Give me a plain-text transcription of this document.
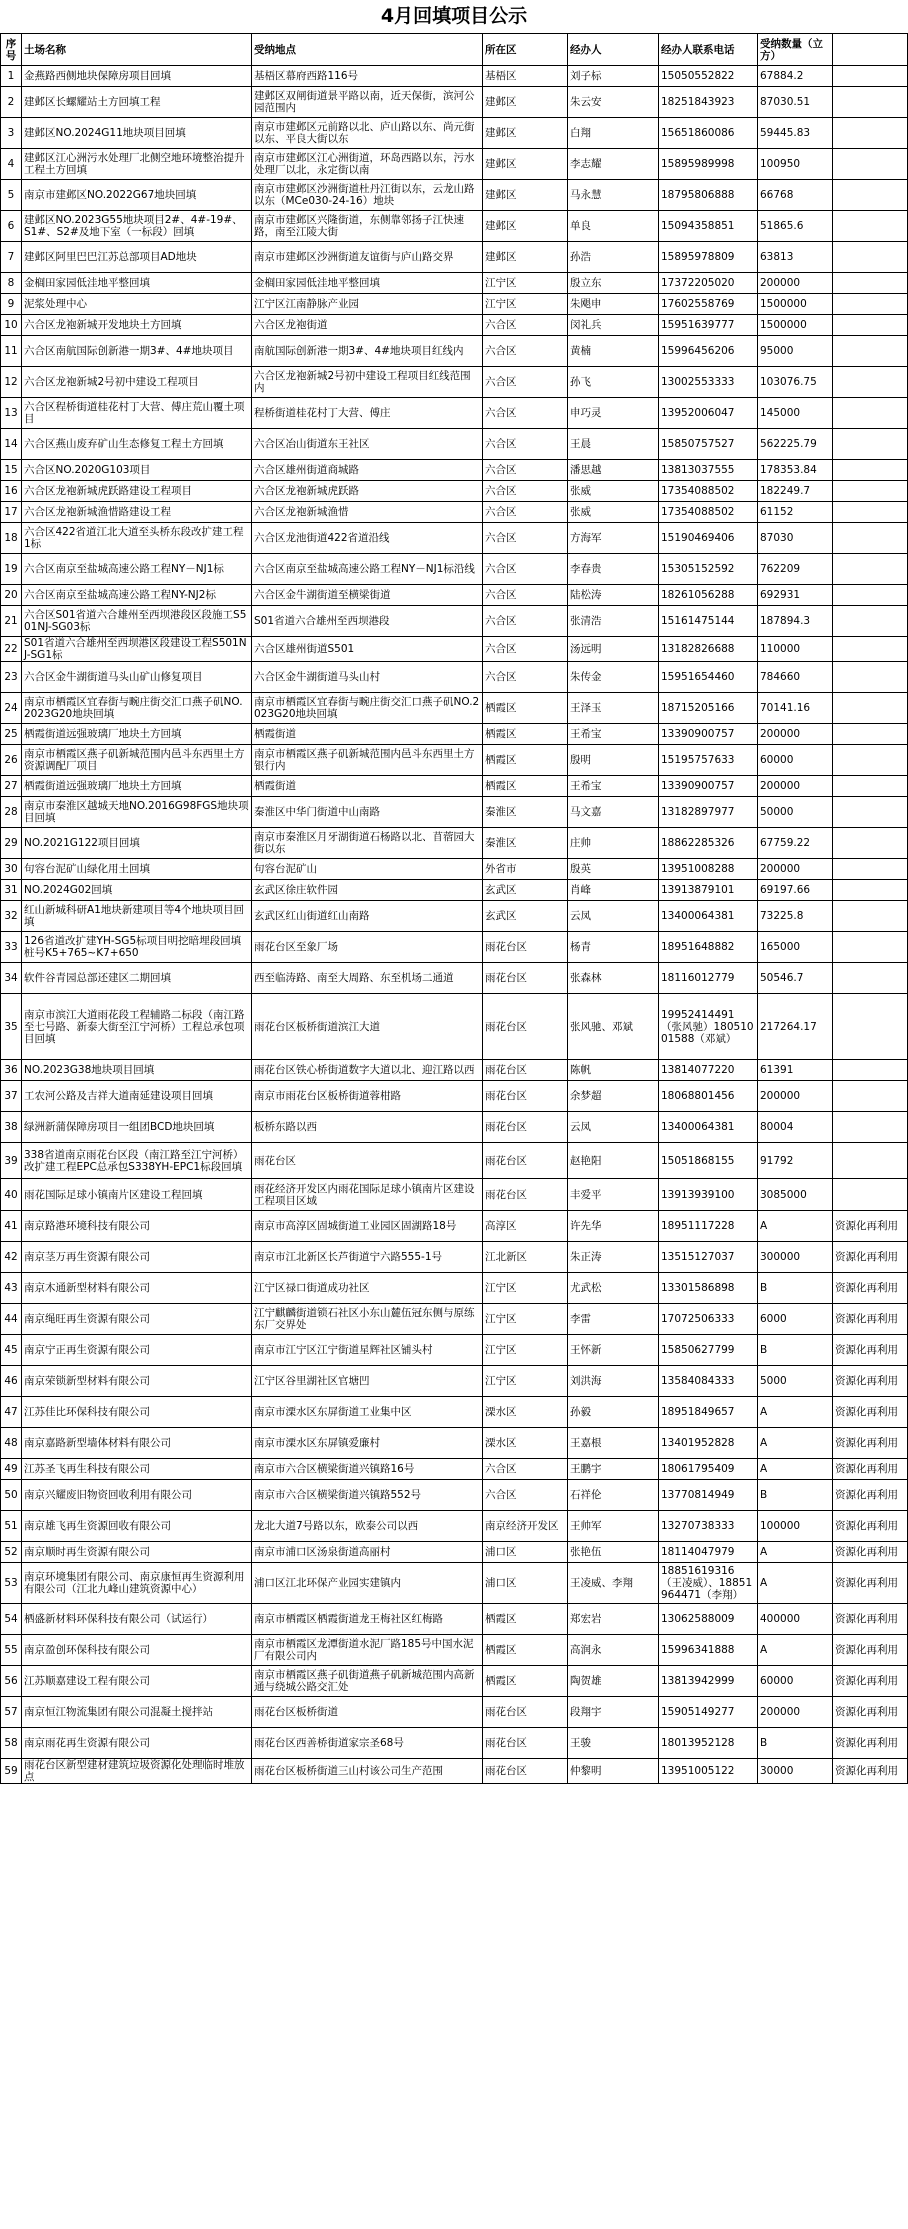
4月回填项目公示
序号	土场名称	受纳地点	所在区	经办人	经办人联系电话	受纳数量（立方）	
1	金燕路西侧地块保障房项目回填	基梧区幕府西路116号	基梧区	刘子标	15050552822	67884.2	
2	建邺区长螺耀站土方回填工程	建邺区双闸街道景平路以南，近天保街，滨河公园范围内	建邺区	朱云安	18251843923	87030.51	
3	建邺区NO.2024G11地块项目回填	南京市建邺区元前路以北、庐山路以东、尚元街以东、平良大街以东	建邺区	白翔	15651860086	59445.83	
4	建邺区江心洲污水处理厂北侧空地环境整治提升工程土方回填	南京市建邺区江心洲街道，环岛西路以东，污水处理厂以北，永定街以南	建邺区	李志耀	15895989998	100950	
5	南京市建邺区NO.2022G67地块回填	南京市建邺区沙洲街道杜丹江街以东，云龙山路以东（MCe030-24-16）地块	建邺区	马永慧	18795806888	66768	
6	建邺区NO.2023G55地块项目2#、4#-19#、S1#、S2#及地下室（一标段）回填	南京市建邺区兴隆街道，东侧靠邻扬子江快速路，南至江陵大街	建邺区	单良	15094358851	51865.6	
7	建邺区阿里巴巴江苏总部项目AD地块	南京市建邺区沙洲街道友谊街与庐山路交界	建邺区	孙浩	15895978809	63813	
8	金榈田家园低洼地平整回填	金榈田家园低洼地平整回填	江宁区	殷立东	17372205020	200000	
9	泥浆处理中心	江宁区江南静脉产业园	江宁区	朱飓申	17602558769	1500000	
10	六合区龙袍新城开发地块土方回填	六合区龙袍街道	六合区	闵礼兵	15951639777	1500000	
11	六合区南航国际创新港一期3#、4#地块项目	南航国际创新港一期3#、4#地块项目红线内	六合区	黄楠	15996456206	95000	
12	六合区龙袍新城2号初中建设工程项目	六合区龙袍新城2号初中建设工程项目红线范围内	六合区	孙飞	13002553333	103076.75	
13	六合区程桥街道桂花村丁大营、傅庄荒山覆土项目	程桥街道桂花村丁大营、傅庄	六合区	申巧灵	13952006047	145000	
14	六合区燕山废弃矿山生态修复工程土方回填	六合区冶山街道东王社区	六合区	王晨	15850757527	562225.79	
15	六合区NO.2020G103项目	六合区雄州街道商城路	六合区	潘思越	13813037555	178353.84	
16	六合区龙袍新城虎跃路建设工程项目	六合区龙袍新城虎跃路	六合区	张威	17354088502	182249.7	
17	六合区龙袍新城渔惜路建设工程	六合区龙袍新城渔惜	六合区	张威	17354088502	61152	
18	六合区422省道江北大道至头桥东段改扩建工程1标	六合区龙池街道422省道沿线	六合区	方海军	15190469406	87030	
19	六合区南京至盐城高速公路工程NY－NJ1标	六合区南京至盐城高速公路工程NY－NJ1标沿线	六合区	李春贵	15305152592	762209	
20	六合区南京至盐城高速公路工程NY-NJ2标	六合区金牛湖街道至横梁街道	六合区	陆松涛	18261056288	692931	
21	六合区S01省道六合雄州至西坝港段区段施工S501NJ-SG03标	S01省道六合雄州至西坝港段	六合区	张清浩	15161475144	187894.3	
22	S01省道六合雄州至西坝港区段建设工程S501NJ-SG1标	六合区雄州街道S501	六合区	汤远明	13182826688	110000	
23	六合区金牛湖街道马头山矿山修复项目	六合区金牛湖街道马头山村	六合区	朱传金	15951654460	784660	
24	南京市栖霞区宜春街与畹庄街交汇口燕子矶NO.2023G20地块回填	南京市栖霞区宜春街与畹庄街交汇口燕子矶NO.2023G20地块回填	栖霞区	王泽玉	18715205166	70141.16	
25	栖霞街道远强玻璃厂地块土方回填	栖霞街道	栖霞区	王希宝	13390900757	200000	
26	南京市栖霞区燕子矶新城范围内邑斗东西里土方资源调配厂项目	南京市栖霞区燕子矶新城范围内邑斗东西里土方银行内	栖霞区	殷明	15195757633	60000	
27	栖霞街道远强玻璃厂地块土方回填	栖霞街道	栖霞区	王希宝	13390900757	200000	
28	南京市秦淮区越城天地NO.2016G98FGS地块项目回填	秦淮区中华门街道中山南路	秦淮区	马文嘉	13182897977	50000	
29	NO.2021G122项目回填	南京市秦淮区月牙湖街道石杨路以北、苜蓿园大街以东	秦淮区	庄帅	18862285326	67759.22	
30	句容台泥矿山绿化用土回填	句容台泥矿山	外省市	殷英	13951008288	200000	
31	NO.2024G02回填	玄武区徐庄软件园	玄武区	肖峰	13913879101	69197.66	
32	红山新城科研A1地块新建项目等4个地块项目回填	玄武区红山街道红山南路	玄武区	云凤	13400064381	73225.8	
33	126省道改扩建YH-SG5标项目明挖暗埋段回填桩号K5+765~K7+650	雨花台区至象厂场	雨花台区	杨青	18951648882	165000	
34	软件谷青园总部还建区二期回填	西至临涛路、南至大周路、东至机场二通道	雨花台区	张森林	18116012779	50546.7	
35	南京市滨江大道雨花段工程辅路二标段（南江路至七号路、新泰大街至江宁河桥）工程总承包项目回填	雨花台区板桥街道滨江大道	雨花台区	张风驰、邓斌	19952414491（张风驰）18051001588（邓斌）	217264.17	
36	NO.2023G38地块项目回填	雨花台区铁心桥街道数字大道以北、迎江路以西	雨花台区	陈帆	13814077220	61391	
37	工农河公路及吉祥大道南延建设项目回填	南京市雨花台区板桥街道蓉柑路	雨花台区	余梦超	18068801456	200000	
38	绿洲新蒲保障房项目一组团BCD地块回填	板桥东路以西	雨花台区	云凤	13400064381	80004	
39	338省道南京雨花台区段（南江路至江宁河桥）改扩建工程EPC总承包S338YH-EPC1标段回填	雨花台区	雨花台区	赵艳阳	15051868155	91792	
40	雨花国际足球小镇南片区建设工程回填	雨花经济开发区内雨花国际足球小镇南片区建设工程项目区域	雨花台区	丰爱平	13913939100	3085000	
41	南京路港环境科技有限公司	南京市高淳区固城街道工业园区固湖路18号	高淳区	许先华	18951117228	A	资源化再利用
42	南京茎万再生资源有限公司	南京市江北新区长芦街道宁六路555-1号	江北新区	朱正涛	13515127037	300000	资源化再利用
43	南京木通新型材料有限公司	江宁区禄口街道成功社区	江宁区	尤武松	13301586898	B	资源化再利用
44	南京绳旺再生资源有限公司	江宁麒麟街道锁石社区小东山麓伍冠东侧与原练东厂交界处	江宁区	李雷	17072506333	6000	资源化再利用
45	南京宁正再生资源有限公司	南京市江宁区江宁街道星辉社区铺头村	江宁区	王怀新	15850627799	B	资源化再利用
46	南京荣锁新型材料有限公司	江宁区谷里湖社区官塘凹	江宁区	刘洪海	13584084333	5000	资源化再利用
47	江苏佳比环保科技有限公司	南京市溧水区东屏街道工业集中区	溧水区	孙毅	18951849657	A	资源化再利用
48	南京嘉路新型墙体材料有限公司	南京市溧水区东屏镇爱廉村	溧水区	王嘉根	13401952828	A	资源化再利用
49	江苏圣飞再生科技有限公司	南京市六合区横梁街道兴镇路16号	六合区	王鹏宇	18061795409	A	资源化再利用
50	南京兴耀废旧物资回收利用有限公司	南京市六合区横梁街道兴镇路552号	六合区	石祥伦	13770814949	B	资源化再利用
51	南京雄飞再生资源回收有限公司	龙北大道7号路以东，欧泰公司以西	南京经济开发区	王帅军	13270738333	100000	资源化再利用
52	南京顺时再生资源有限公司	南京市浦口区汤泉街道高丽村	浦口区	张艳伍	18114047979	A	资源化再利用
53	南京环境集团有限公司、南京康恒再生资源利用有限公司（江北九峰山建筑资源中心）	浦口区江北环保产业园实建镇内	浦口区	王凌威、李翔	18851619316（王凌威）、18851964471（李翔）	A	资源化再利用
54	栖盛新材料环保科技有限公司（试运行）	南京市栖霞区栖霞街道龙王梅社区红梅路	栖霞区	郑宏岩	13062588009	400000	资源化再利用
55	南京盈创环保科技有限公司	南京市栖霞区龙潭街道水泥厂路185号中国水泥厂有限公司内	栖霞区	高润永	15996341888	A	资源化再利用
56	江苏顺嘉建设工程有限公司	南京市栖霞区燕子矶街道燕子矶新城范围内高新通与绕城公路交汇处	栖霞区	陶贺雄	13813942999	60000	资源化再利用
57	南京恒江物流集团有限公司混凝土搅拌站	雨花台区板桥街道	雨花台区	段翔宇	15905149277	200000	资源化再利用
58	南京雨花再生资源有限公司	雨花台区西善桥街道家宗圣68号	雨花台区	王骏	18013952128	B	资源化再利用
59	雨花台区新型建材建筑垃圾资源化处理临时堆放点	雨花台区板桥街道三山村该公司生产范围	雨花台区	仲黎明	13951005122	30000	资源化再利用
